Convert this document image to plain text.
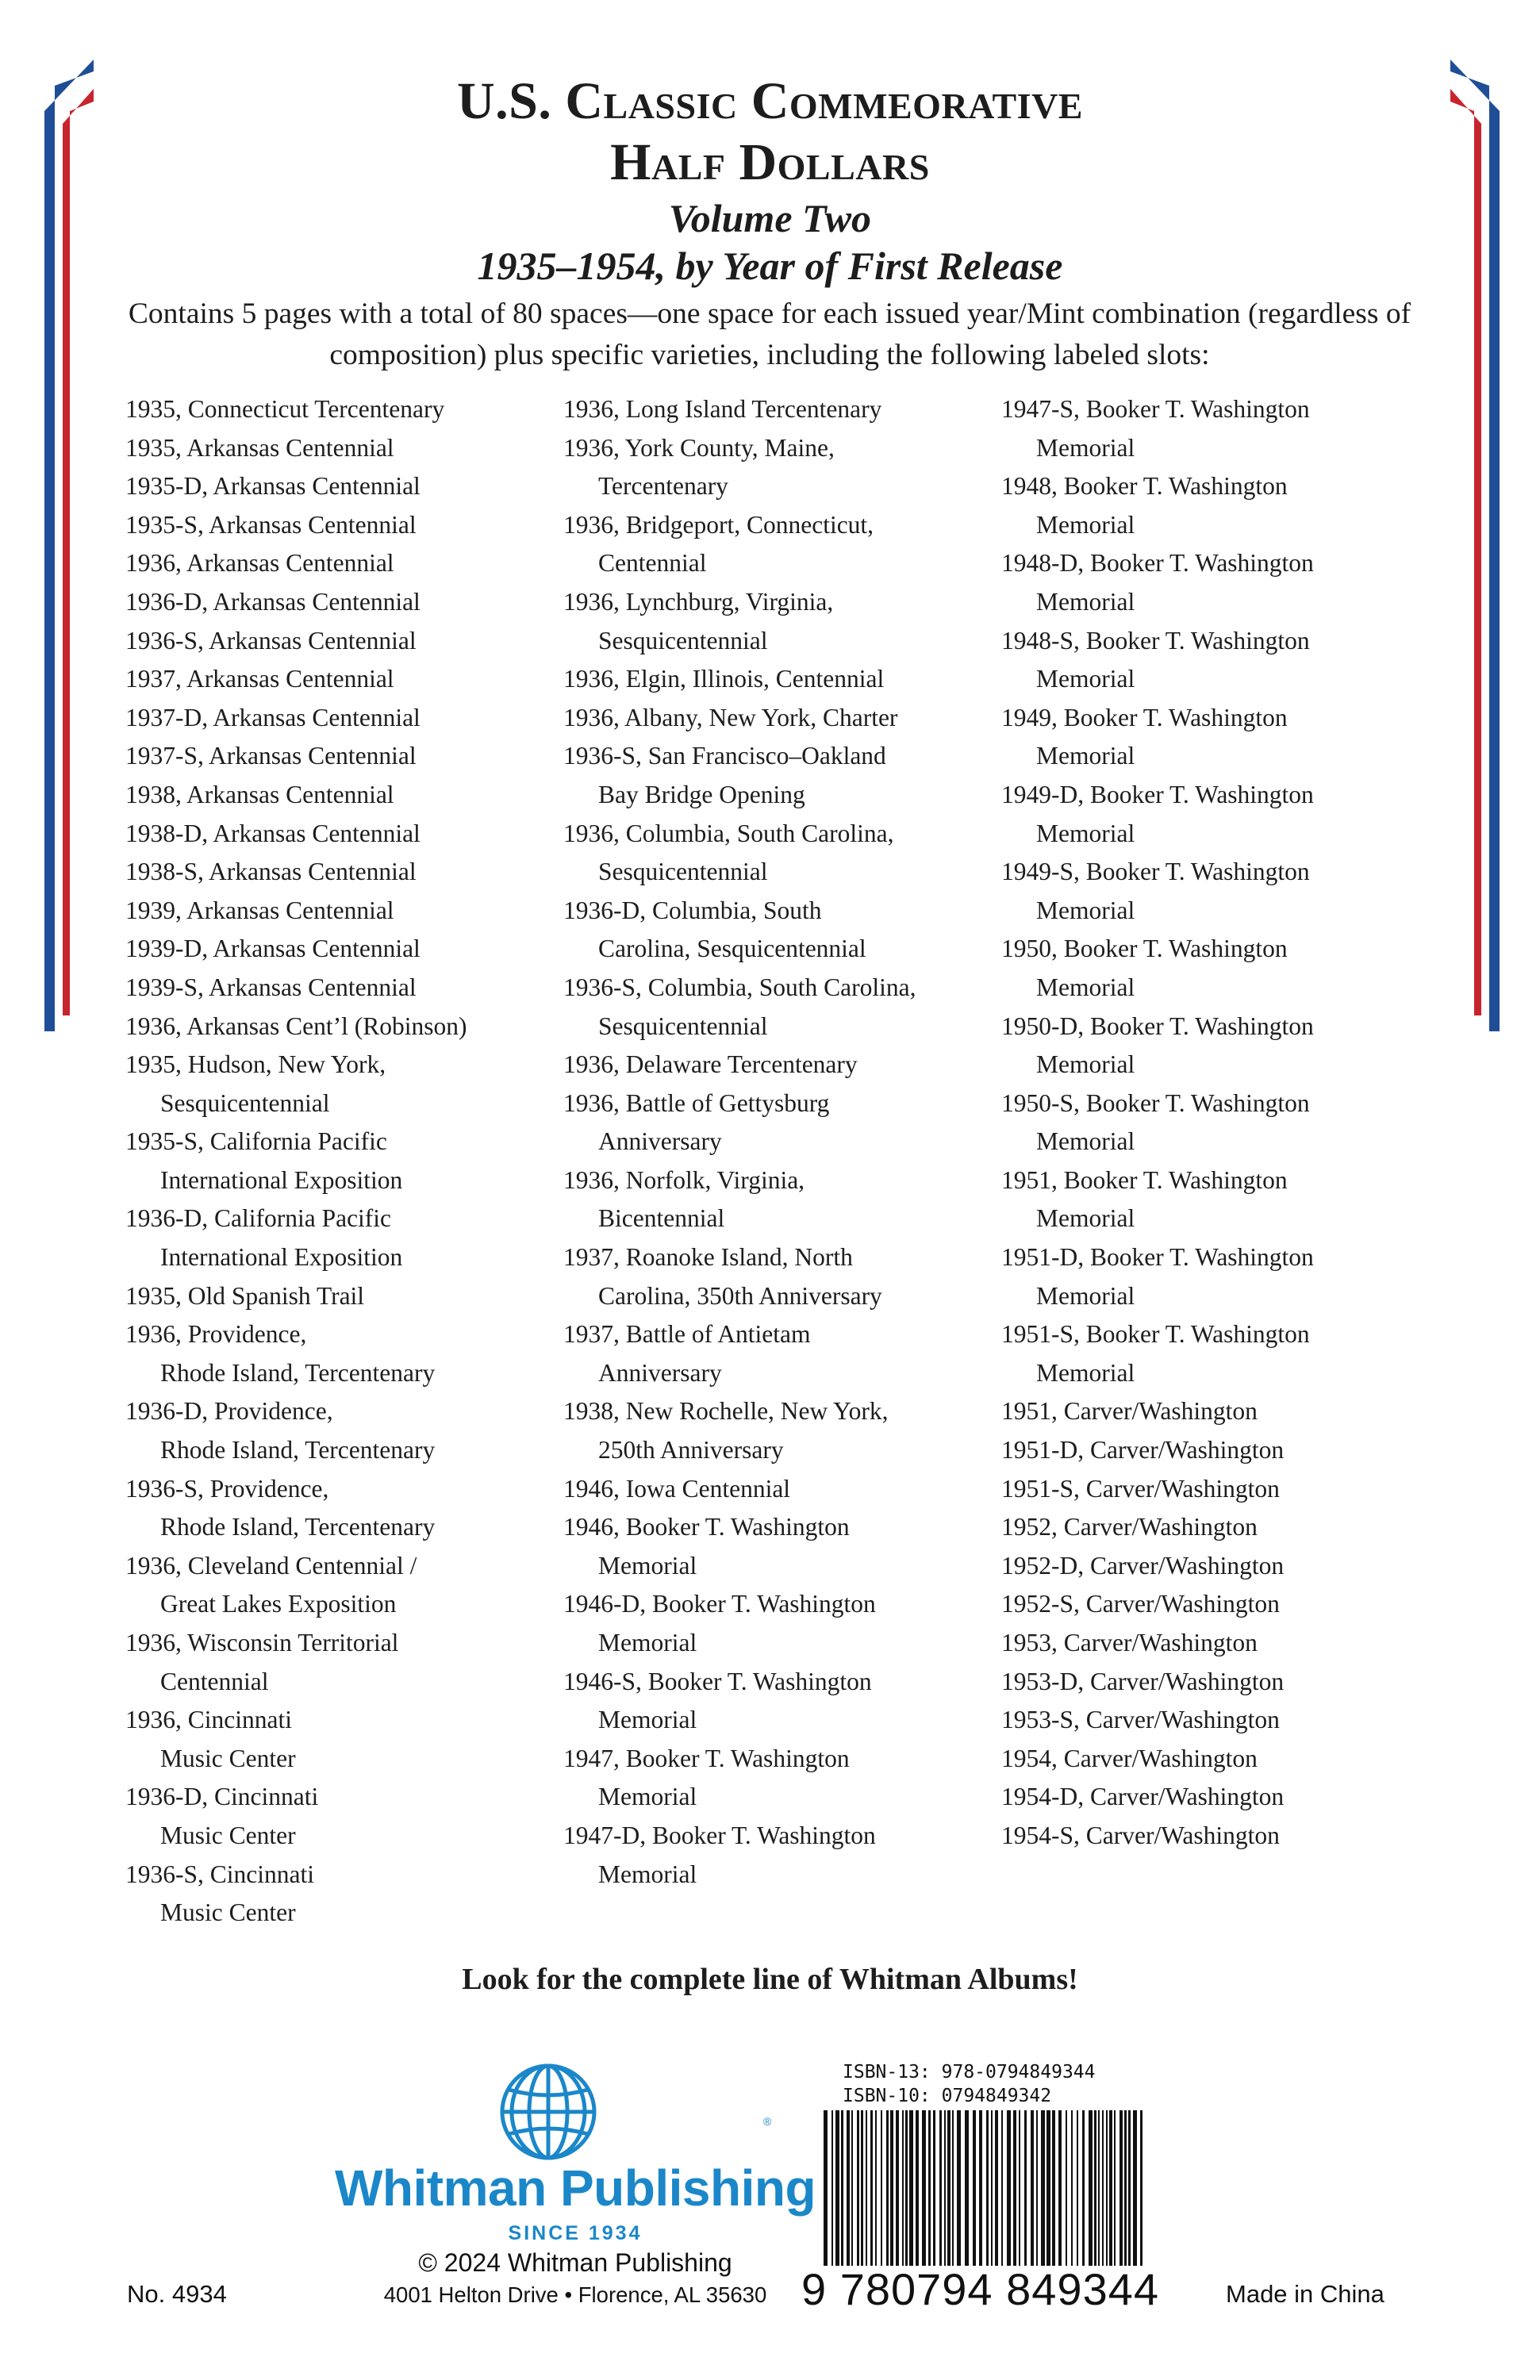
U.S. Classic Commeorative
Half Dollars
Volume Two
1935–1954, by Year of First Release

Contains 5 pages with a total of 80 spaces—one space for each issued year/Mint combination (regardless of composition) plus specific varieties, including the following labeled slots:

1935, Connecticut Tercentenary
1935, Arkansas Centennial
1935-D, Arkansas Centennial
1935-S, Arkansas Centennial
1936, Arkansas Centennial
1936-D, Arkansas Centennial
1936-S, Arkansas Centennial
1937, Arkansas Centennial
1937-D, Arkansas Centennial
1937-S, Arkansas Centennial
1938, Arkansas Centennial
1938-D, Arkansas Centennial
1938-S, Arkansas Centennial
1939, Arkansas Centennial
1939-D, Arkansas Centennial
1939-S, Arkansas Centennial
1936, Arkansas Cent’l (Robinson)
1935, Hudson, New York,
Sesquicentennial
1935-S, California Pacific
International Exposition
1936-D, California Pacific
International Exposition
1935, Old Spanish Trail
1936, Providence,
Rhode Island, Tercentenary
1936-D, Providence,
Rhode Island, Tercentenary
1936-S, Providence,
Rhode Island, Tercentenary
1936, Cleveland Centennial /
Great Lakes Exposition
1936, Wisconsin Territorial
Centennial
1936, Cincinnati
Music Center
1936-D, Cincinnati
Music Center
1936-S, Cincinnati
Music Center
1936, Long Island Tercentenary
1936, York County, Maine,
Tercentenary
1936, Bridgeport, Connecticut,
Centennial
1936, Lynchburg, Virginia,
Sesquicentennial
1936, Elgin, Illinois, Centennial
1936, Albany, New York, Charter
1936-S, San Francisco–Oakland
Bay Bridge Opening
1936, Columbia, South Carolina,
Sesquicentennial
1936-D, Columbia, South
Carolina, Sesquicentennial
1936-S, Columbia, South Carolina,
Sesquicentennial
1936, Delaware Tercentenary
1936, Battle of Gettysburg
Anniversary
1936, Norfolk, Virginia,
Bicentennial
1937, Roanoke Island, North
Carolina, 350th Anniversary
1937, Battle of Antietam
Anniversary
1938, New Rochelle, New York,
250th Anniversary
1946, Iowa Centennial
1946, Booker T. Washington
Memorial
1946-D, Booker T. Washington
Memorial
1946-S, Booker T. Washington
Memorial
1947, Booker T. Washington
Memorial
1947-D, Booker T. Washington
Memorial
1947-S, Booker T. Washington
Memorial
1948, Booker T. Washington
Memorial
1948-D, Booker T. Washington
Memorial
1948-S, Booker T. Washington
Memorial
1949, Booker T. Washington
Memorial
1949-D, Booker T. Washington
Memorial
1949-S, Booker T. Washington
Memorial
1950, Booker T. Washington
Memorial
1950-D, Booker T. Washington
Memorial
1950-S, Booker T. Washington
Memorial
1951, Booker T. Washington
Memorial
1951-D, Booker T. Washington
Memorial
1951-S, Booker T. Washington
Memorial
1951, Carver/Washington
1951-D, Carver/Washington
1951-S, Carver/Washington
1952, Carver/Washington
1952-D, Carver/Washington
1952-S, Carver/Washington
1953, Carver/Washington
1953-D, Carver/Washington
1953-S, Carver/Washington
1954, Carver/Washington
1954-D, Carver/Washington
1954-S, Carver/Washington

Look for the complete line of Whitman Albums!

Whitman Publishing
®
SINCE 1934
© 2024 Whitman Publishing
4001 Helton Drive • Florence, AL 35630
No. 4934	Made in China
ISBN-13: 978-0794849344
ISBN-10: 0794849342
9 780794 849344
